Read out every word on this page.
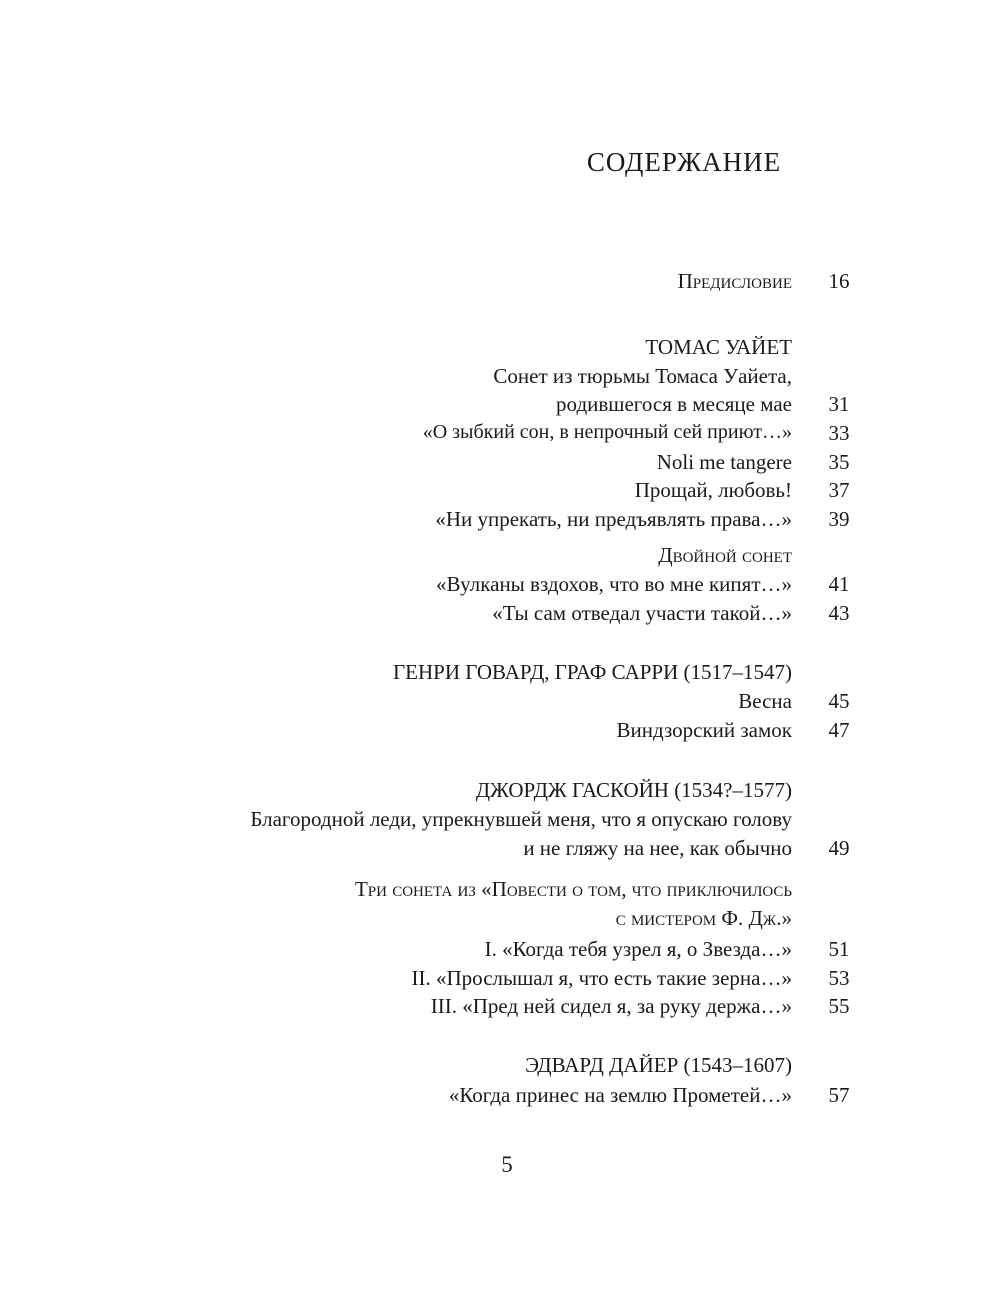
СОДЕРЖАНИЕ
Предисловие	16
ТОМАС УАЙЕТ
Сонет из тюрьмы Томаса Уайета,
родившегося в месяце мае	31
«О зыбкий сон, в непрочный сей приют…»	33
Noli me tangere	35
Прощай, любовь!	37
«Ни упрекать, ни предъявлять права…»	39
Двойной сонет
«Вулканы вздохов, что во мне кипят…»	41
«Ты сам отведал участи такой…»	43
ГЕНРИ ГОВАРД, ГРАФ САРРИ (1517–1547)
Весна	45
Виндзорский замок	47
ДЖОРДЖ ГАСКОЙН (1534?–1577)
Благородной леди, упрекнувшей меня, что я опускаю голову
и не гляжу на нее, как обычно	49
Три сонета из «Повести о том, что приключилось
с мистером Ф. Дж.»
I. «Когда тебя узрел я, о Звезда…»	51
II. «Прослышал я, что есть такие зерна…»	53
III. «Пред ней сидел я, за руку держа…»	55
ЭДВАРД ДАЙЕР (1543–1607)
«Когда принес на землю Прометей…»	57
5
